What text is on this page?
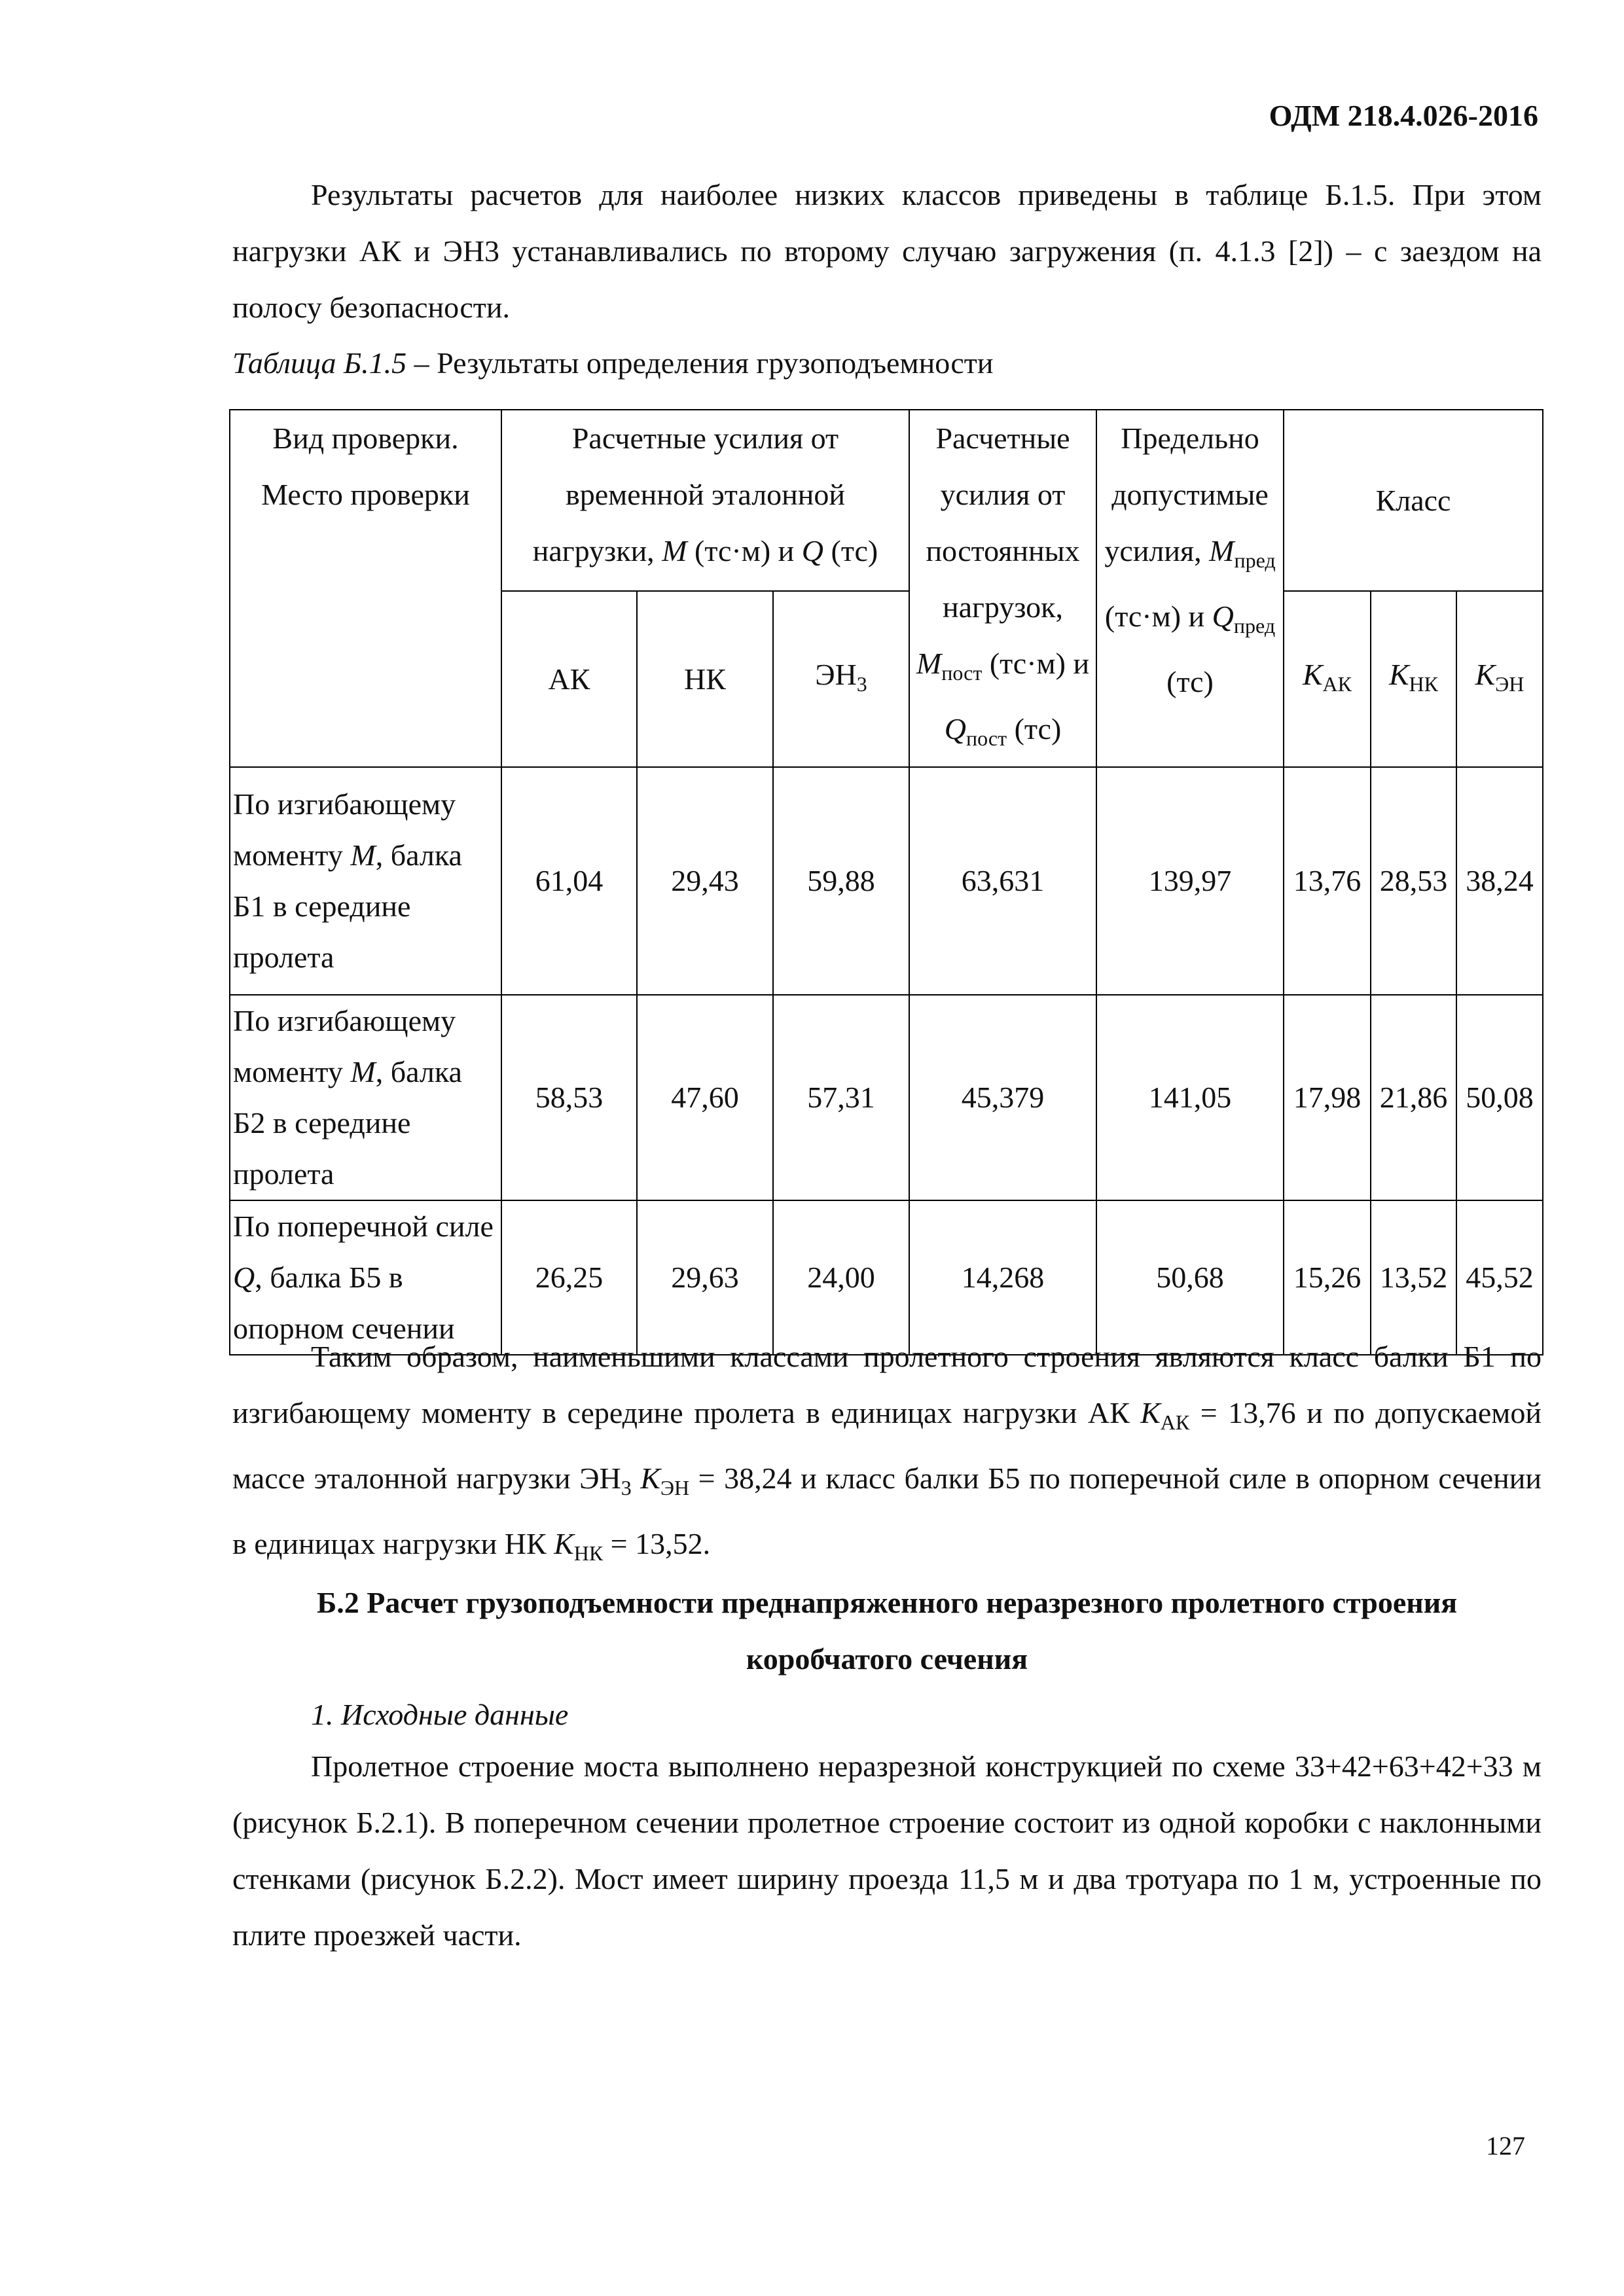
ОДМ 218.4.026-2016
Результаты расчетов для наиболее низких классов приведены в таблице Б.1.5. При этом нагрузки АК и ЭН3 устанавливались по второму случаю загружения (п. 4.1.3 [2]) – с заездом на полосу безопасности.
Таблица Б.1.5 – Результаты определения грузоподъемности
Вид проверки. Место проверки	Расчетные усилия от временной эталонной нагрузки, М (тс·м) и Q (тс)			Расчетные усилия от постоянных нагрузок, $М_{пост}$ (тс·м) и $Q_{пост}$ (тс)	Предельно допустимые усилия, $М_{пред}$ (тс·м) и $Q_{пред}$ (тс)	Класс		
	АК	НК	$ЭН_3$			$К_{АК}$	$К_{НК}$	$К_{ЭН}$
По изгибающему моменту М, балка Б1 в середине пролета	61,04	29,43	59,88	63,631	139,97	13,76	28,53	38,24
По изгибающему моменту М, балка Б2 в середине пролета	58,53	47,60	57,31	45,379	141,05	17,98	21,86	50,08
По поперечной силе Q, балка Б5 в опорном сечении	26,25	29,63	24,00	14,268	50,68	15,26	13,52	45,52
Таким образом, наименьшими классами пролетного строения являются класс балки Б1 по изгибающему моменту в середине пролета в единицах нагрузки АК $К_{АК} = 13,76$ и по допускаемой массе эталонной нагрузки $ЭН_3$ $К_{ЭН} = 38,24$ и класс балки Б5 по поперечной силе в опорном сечении в единицах нагрузки НК $К_{НК} = 13,52$.
Б.2 Расчет грузоподъемности преднапряженного неразрезного пролетного строения коробчатого сечения
1. Исходные данные
Пролетное строение моста выполнено неразрезной конструкцией по схеме 33+42+63+42+33 м (рисунок Б.2.1). В поперечном сечении пролетное строение состоит из одной коробки с наклонными стенками (рисунок Б.2.2). Мост имеет ширину проезда 11,5 м и два тротуара по 1 м, устроенные по плите проезжей части.
127
